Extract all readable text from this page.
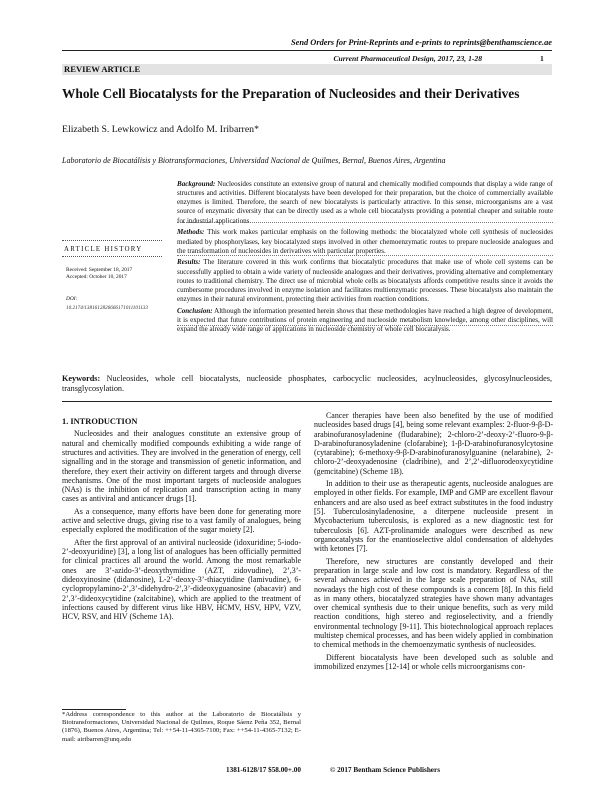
Send Orders for Print-Reprints and e-prints to reprints@benthamscience.ae
Current Pharmaceutical Design, 2017, 23, 1-28	1
REVIEW ARTICLE
Whole Cell Biocatalysts for the Preparation of Nucleosides and their Derivatives
Elizabeth S. Lewkowicz and Adolfo M. Iribarren*
Laboratorio de Biocatálisis y Biotransformaciones, Universidad Nacional de Quilmes, Bernal, Buenos Aires, Argentina
ARTICLE HISTORY
Received: September 18, 2017
Accepted: October 10, 2017
DOI:
10.2174/1381612826666171011101133

Background: Nucleosides constitute an extensive group of natural and chemically modified compounds that display a wide range of structures and activities. Different biocatalysts have been developed for their preparation, but the choice of commercially available enzymes is limited. Therefore, the search of new biocatalysts is particularly attractive. In this sense, microorganisms are a vast source of enzymatic diversity that can be directly used as a whole cell biocatalysts providing a potential cheaper and suitable route for industrial applications.

Methods: This work makes particular emphasis on the following methods: the biocatalyzed whole cell synthesis of nucleosides mediated by phosphorylases, key biocatalyzed steps involved in other chemoenzymatic routes to prepare nucleoside analogues and the transformation of nucleosides in derivatives with particular properties.

Results: The literature covered in this work confirms that biocatalytic procedures that make use of whole cell systems can be successfully applied to obtain a wide variety of nucleoside analogues and their derivatives, providing alternative and complementary routes to traditional chemistry. The direct use of microbial whole cells as biocatalysts affords competitive results since it avoids the cumbersome procedures involved in enzyme isolation and facilitates multienzymatic processes. These biocatalysts also maintain the enzymes in their natural environment, protecting their activities from reaction conditions.

Conclusion: Although the information presented herein shows that these methodologies have reached a high degree of development, it is expected that future contributions of protein engineering and nucleoside metabolism knowledge, among other disciplines, will expand the already wide range of applications in nucleoside chemistry of whole cell biocatalysis.

Keywords: Nucleosides, whole cell biocatalysts, nucleoside phosphates, carbocyclic nucleosides, acylnucleosides, glycosylnucleosides, transglycosylation.

1. INTRODUCTION

Nucleosides and their analogues constitute an extensive group of natural and chemically modified compounds exhibiting a wide range of structures and activities. They are involved in the generation of energy, cell signalling and in the storage and transmission of genetic information, and therefore, they exert their activity on different targets and through diverse mechanisms. One of the most important targets of nucleoside analogues (NAs) is the inhibition of replication and transcription acting in many cases as antiviral and anticancer drugs [1].

As a consequence, many efforts have been done for generating more active and selective drugs, giving rise to a vast family of analogues, being especially explored the modification of the sugar moiety [2].

After the first approval of an antiviral nucleoside (idoxuridine; 5-iodo-2’-deoxyuridine) [3], a long list of analogues has been officially permitted for clinical practices all around the world. Among the most remarkable ones are 3’-azido-3’-deoxythymidine (AZT, zidovudine), 2’,3’- dideoxyinosine (didanosine), L-2’-deoxy-3’-thiacytidine (lamivudine), 6-cyclopropylamino-2’,3’-didehydro-2’,3’-dideoxyguanosine (abacavir) and 2’,3’-dideoxycytidine (zalcitabine), which are applied to the treatment of infections caused by different virus like HBV, HCMV, HSV, HPV, VZV, HCV, RSV, and HIV (Scheme 1A).

Cancer therapies have been also benefited by the use of modified nucleosides based drugs [4], being some relevant examples: 2-fluor-9-β-D-arabinofuranosyladenine (fludarabine); 2-chloro-2’-deoxy-2’-fluoro-9-β-D-arabinofuranosyladenine (clofarabine); 1-β-D-arabinofuranosylcytosine (cytarabine); 6-methoxy-9-β-D-arabinofuranosylguanine (nelarabine), 2-chloro-2’-deoxyadenosine (cladribine), and 2’,2’-difluorodeoxycytidine (gemcitabine) (Scheme 1B).

In addition to their use as therapeutic agents, nucleoside analogues are employed in other fields. For example, IMP and GMP are excellent flavour enhancers and are also used as beef extract substitutes in the food industry [5]. Tuberculosinyladenosine, a diterpene nucleoside present in Mycobacterium tuberculosis, is explored as a new diagnostic test for tuberculosis [6]. AZT-prolinamide analogues were described as new organocatalysts for the enantioselective aldol condensation of aldehydes with ketones [7].

Therefore, new structures are constantly developed and their preparation in large scale and low cost is mandatory. Regardless of the several advances achieved in the large scale preparation of NAs, still nowadays the high cost of these compounds is a concern [8]. In this field as in many others, biocatalyzed strategies have shown many advantages over chemical synthesis due to their unique benefits, such as very mild reaction conditions, high stereo and regioselectivity, and a friendly environmental technology [9-11]. This biotechnological approach replaces multistep chemical processes, and has been widely applied in combination to chemical methods in the chemoenzymatic synthesis of nucleosides.

Different biocatalysts have been developed such as soluble and immobilized enzymes [12-14] or whole cells microorganisms con-

*Address correspondence to this author at the Laboratorio de Biocatálisis y Biotransformaciones, Universidad Nacional de Quilmes, Roque Sáenz Peña 352, Bernal (1876), Buenos Aires, Argentina; Tel: ++54-11-4365-7100; Fax: ++54-11-4365-7132; E-mail: airibarren@unq.edu
1381-6128/17 $58.00+.00	© 2017 Bentham Science Publishers
